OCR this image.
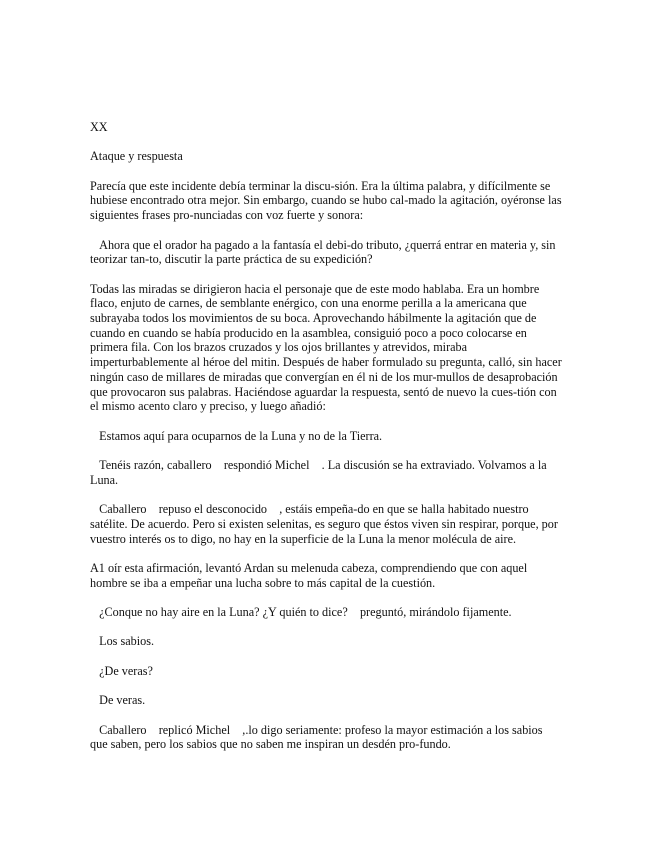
XX

Ataque y respuesta

Parecía que este incidente debía terminar la discu-sión. Era la última palabra, y difícilmente se hubiese encontrado otra mejor. Sin embargo, cuando se hubo cal-mado la agitación, oyéronse las siguientes frases pro-nunciadas con voz fuerte y sonora:

Ahora que el orador ha pagado a la fantasía el debi-do tributo, ¿querrá entrar en materia y, sin teorizar tan-to, discutir la parte práctica de su expedición?

Todas las miradas se dirigieron hacia el personaje que de este modo hablaba. Era un hombre flaco, enjuto de carnes, de semblante enérgico, con una enorme perilla a la americana que subrayaba todos los movimientos de su boca. Aprovechando hábilmente la agitación que de cuando en cuando se había producido en la asamblea, consiguió poco a poco colocarse en primera fila. Con los brazos cruzados y los ojos brillantes y atrevidos, miraba imperturbablemente al héroe del mitin. Después de haber formulado su pregunta, calló, sin hacer ningún caso de millares de miradas que convergían en él ni de los mur-mullos de desaprobación que provocaron sus palabras. Haciéndose aguardar la respuesta, sentó de nuevo la cues-tión con el mismo acento claro y preciso, y luego añadió:

Estamos aquí para ocuparnos de la Luna y no de la Tierra.

Tenéis razón, caballero    respondió Michel    . La discusión se ha extraviado. Volvamos a la Luna.

Caballero    repuso el desconocido    , estáis empeña-do en que se halla habitado nuestro satélite. De acuerdo. Pero si existen selenitas, es seguro que éstos viven sin respirar, porque, por vuestro interés os to digo, no hay en la superficie de la Luna la menor molécula de aire.

A1 oír esta afirmación, levantó Ardan su melenuda cabeza, comprendiendo que con aquel hombre se iba a empeñar una lucha sobre to más capital de la cuestión.

¿Conque no hay aire en la Luna? ¿Y quién to dice?    preguntó, mirándolo fijamente.

Los sabios.

¿De veras?

De veras.

Caballero    replicó Michel    ,.lo digo seriamente: profeso la mayor estimación a los sabios que saben, pero los sabios que no saben me inspiran un desdén pro-fundo.
